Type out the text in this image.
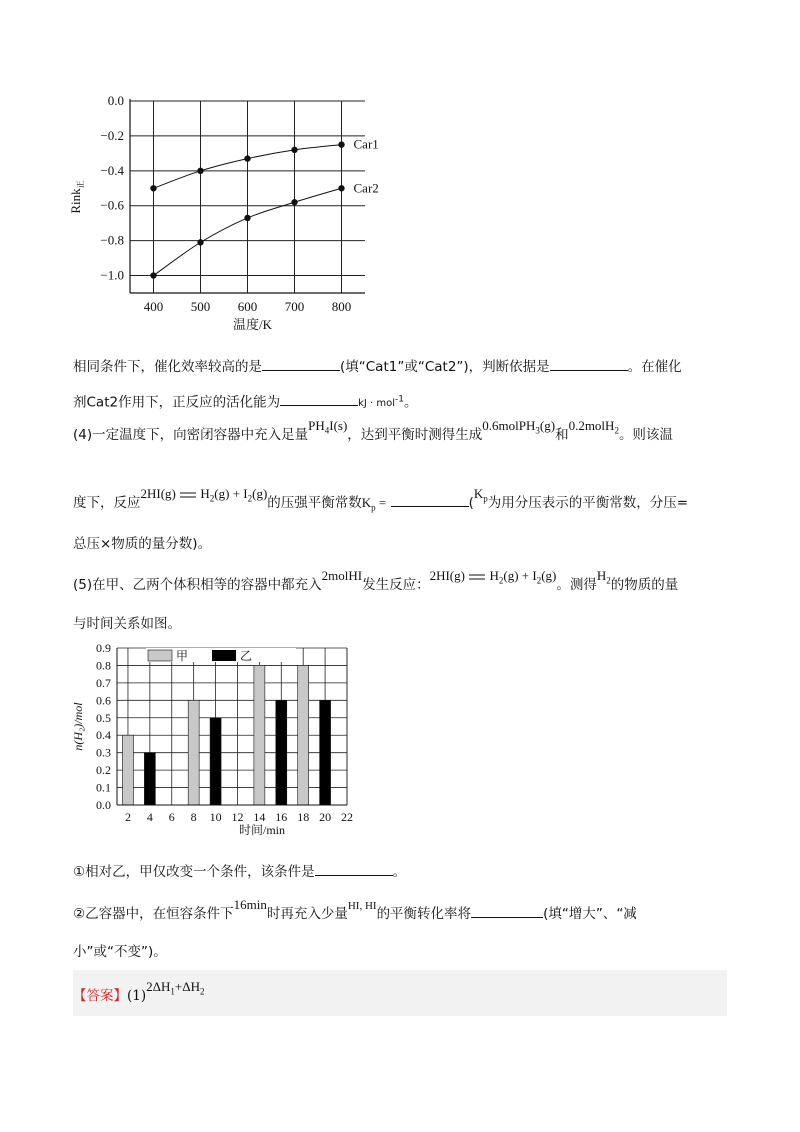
0.0
−0.2
−0.4
−0.6
−0.8
−1.0
400 500 600 700 800
Car1
Car2
温度/K
Rink$_正$
相同条件下，催化效率较高的是	(填“Cat1”或“Cat2”)，判断依据是	。在催化
剂Cat2作用下，正反应的活化能为	kJ · mol$^{-1}$。
(4)一定温度下，向密闭容器中充入足量$PH_4I(s)$，达到平衡时测得生成0.6molPH$_3$(g)和0.2molH$_2$。则该温
度下，反应2HI(g) $H_2(g) + I_2(g)$的压强平衡常数$K_p$ =	($K_p$为用分压表示的平衡常数，分压=
总压×物质的量分数)。
(5)在甲、乙两个体积相等的容器中都充入2molHI发生反应：2HI(g) $H_2(g) + I_2(g)$。测得$H_2$的物质的量
与时间关系如图。
0.0
0.1
0.2
0.3
0.4
0.5
0.6
0.7
0.8
0.9
2 4 6 8 10 12 14 16 18 20 22
时间/min
n(H₂)/mol
甲	乙
①相对乙，甲仅改变一个条件，该条件是	。
②乙容器中，在恒容条件下16min时再充入少量$^{HI, HI}$的平衡转化率将	(填“增大”、“减
小”或“不变”)。
【答案】$(1)2\Delta H_1+\Delta H_2$
